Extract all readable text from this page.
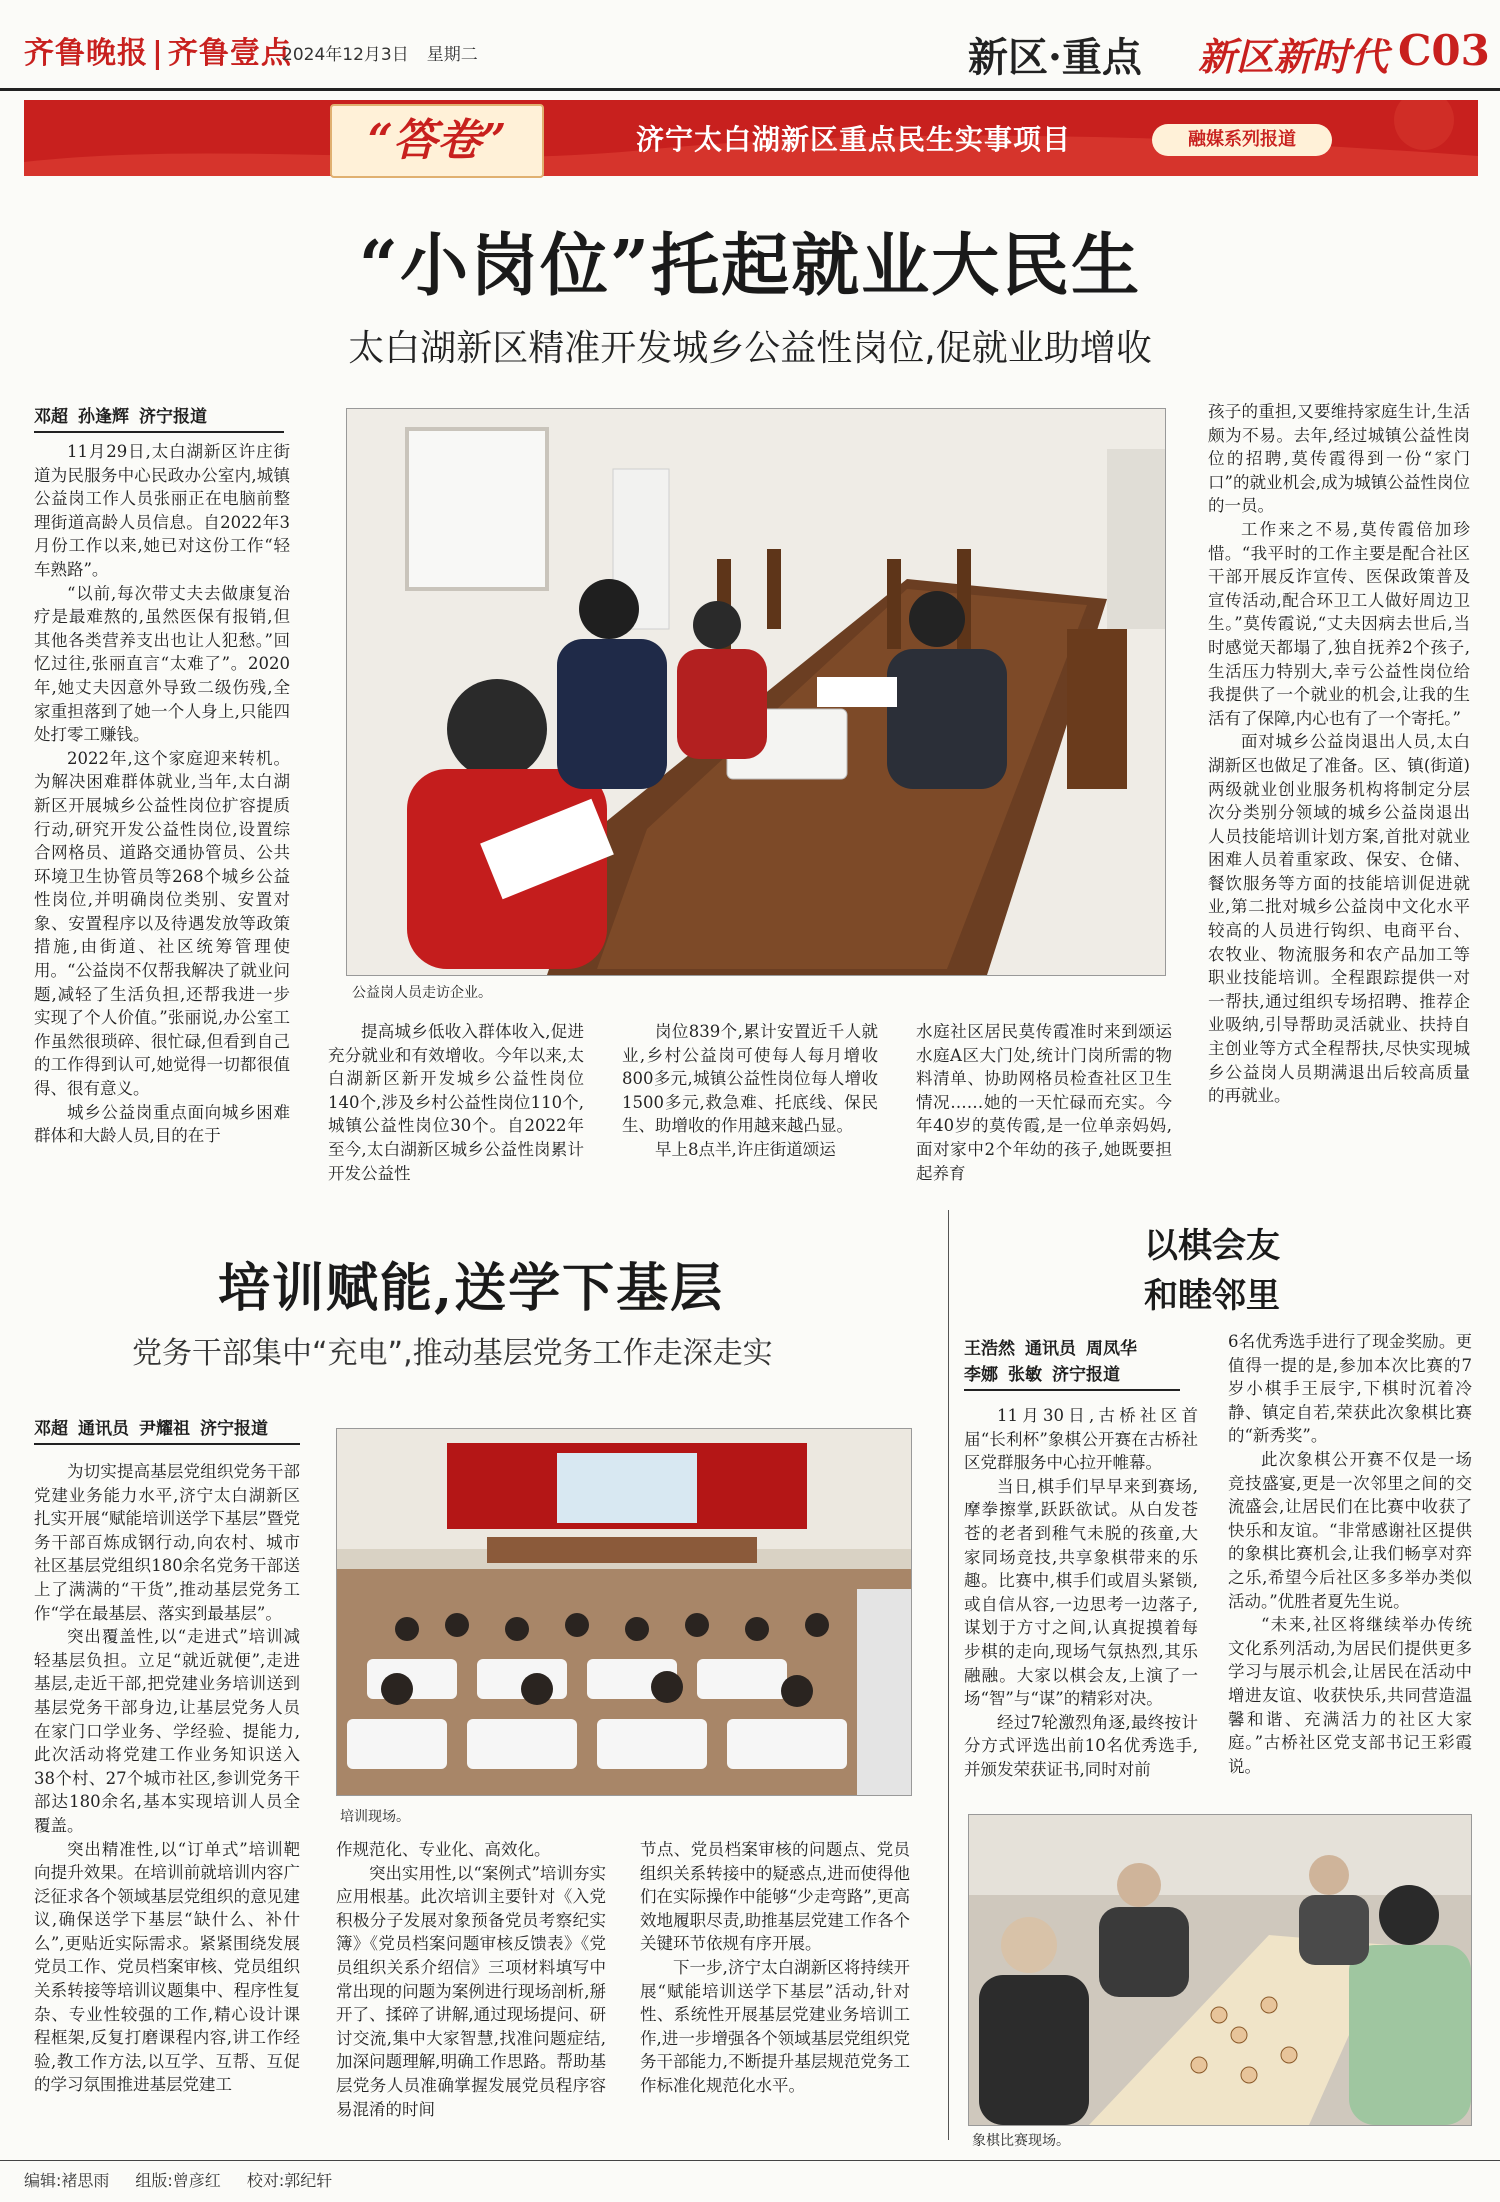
齐鲁晚报 | 齐鲁壹点
2024年12月3日 星期二	新区·重点 新区新时代 C03
“答卷”	济宁太白湖新区重点民生实事项目	融媒系列报道
“小岗位”托起就业大民生
太白湖新区精准开发城乡公益性岗位,促就业助增收
邓超 孙逢辉 济宁报道

11月29日,太白湖新区许庄街道为民服务中心民政办公室内,城镇公益岗工作人员张丽正在电脑前整理街道高龄人员信息。自2022年3月份工作以来,她已对这份工作“轻车熟路”。

“以前,每次带丈夫去做康复治疗是最难熬的,虽然医保有报销,但其他各类营养支出也让人犯愁。”回忆过往,张丽直言“太难了”。2020年,她丈夫因意外导致二级伤残,全家重担落到了她一个人身上,只能四处打零工赚钱。

2022年,这个家庭迎来转机。为解决困难群体就业,当年,太白湖新区开展城乡公益性岗位扩容提质行动,研究开发公益性岗位,设置综合网格员、道路交通协管员、公共环境卫生协管员等268个城乡公益性岗位,并明确岗位类别、安置对象、安置程序以及待遇发放等政策措施,由街道、社区统筹管理使用。“公益岗不仅帮我解决了就业问题,减轻了生活负担,还帮我进一步实现了个人价值。”张丽说,办公室工作虽然很琐碎、很忙碌,但看到自己的工作得到认可,她觉得一切都很值得、很有意义。

城乡公益岗重点面向城乡困难群体和大龄人员,目的在于

公益岗人员走访企业。

提高城乡低收入群体收入,促进充分就业和有效增收。今年以来,太白湖新区新开发城乡公益性岗位140个,涉及乡村公益性岗位110个,城镇公益性岗位30个。自2022年至今,太白湖新区城乡公益性岗累计开发公益性

岗位839个,累计安置近千人就业,乡村公益岗可使每人每月增收800多元,城镇公益性岗位每人增收1500多元,救急难、托底线、保民生、助增收的作用越来越凸显。

早上8点半,许庄街道颂运

水庭社区居民莫传霞准时来到颂运水庭A区大门处,统计门岗所需的物料清单、协助网格员检查社区卫生情况……她的一天忙碌而充实。今年40岁的莫传霞,是一位单亲妈妈,面对家中2个年幼的孩子,她既要担起养育

孩子的重担,又要维持家庭生计,生活颇为不易。去年,经过城镇公益性岗位的招聘,莫传霞得到一份“家门口”的就业机会,成为城镇公益性岗位的一员。

工作来之不易,莫传霞倍加珍惜。“我平时的工作主要是配合社区干部开展反诈宣传、医保政策普及宣传活动,配合环卫工人做好周边卫生。”莫传霞说,“丈夫因病去世后,当时感觉天都塌了,独自抚养2个孩子,生活压力特别大,幸亏公益性岗位给我提供了一个就业的机会,让我的生活有了保障,内心也有了一个寄托。”

面对城乡公益岗退出人员,太白湖新区也做足了准备。区、镇(街道)两级就业创业服务机构将制定分层次分类别分领域的城乡公益岗退出人员技能培训计划方案,首批对就业困难人员着重家政、保安、仓储、餐饮服务等方面的技能培训促进就业,第二批对城乡公益岗中文化水平较高的人员进行钩织、电商平台、农牧业、物流服务和农产品加工等职业技能培训。全程跟踪提供一对一帮扶,通过组织专场招聘、推荐企业吸纳,引导帮助灵活就业、扶持自主创业等方式全程帮扶,尽快实现城乡公益岗人员期满退出后较高质量的再就业。

培训赋能,送学下基层
党务干部集中“充电”,推动基层党务工作走深走实
邓超 通讯员 尹耀祖 济宁报道

为切实提高基层党组织党务干部党建业务能力水平,济宁太白湖新区扎实开展“赋能培训送学下基层”暨党务干部百炼成钢行动,向农村、城市社区基层党组织180余名党务干部送上了满满的“干货”,推动基层党务工作“学在最基层、落实到最基层”。

突出覆盖性,以“走进式”培训减轻基层负担。立足“就近就便”,走进基层,走近干部,把党建业务培训送到基层党务干部身边,让基层党务人员在家门口学业务、学经验、提能力,此次活动将党建工作业务知识送入38个村、27个城市社区,参训党务干部达180余名,基本实现培训人员全覆盖。

突出精准性,以“订单式”培训靶向提升效果。在培训前就培训内容广泛征求各个领域基层党组织的意见建议,确保送学下基层“缺什么、补什么”,更贴近实际需求。紧紧围绕发展党员工作、党员档案审核、党员组织关系转接等培训议题集中、程序性复杂、专业性较强的工作,精心设计课程框架,反复打磨课程内容,讲工作经验,教工作方法,以互学、互帮、互促的学习氛围推进基层党建工

培训现场。

作规范化、专业化、高效化。

突出实用性,以“案例式”培训夯实应用根基。此次培训主要针对《入党积极分子发展对象预备党员考察纪实簿》《党员档案问题审核反馈表》《党员组织关系介绍信》三项材料填写中常出现的问题为案例进行现场剖析,掰开了、揉碎了讲解,通过现场提问、研讨交流,集中大家智慧,找准问题症结,加深问题理解,明确工作思路。帮助基层党务人员准确掌握发展党员程序容易混淆的时间

节点、党员档案审核的问题点、党员组织关系转接中的疑惑点,进而使得他们在实际操作中能够“少走弯路”,更高效地履职尽责,助推基层党建工作各个关键环节依规有序开展。

下一步,济宁太白湖新区将持续开展“赋能培训送学下基层”活动,针对性、系统性开展基层党建业务培训工作,进一步增强各个领域基层党组织党务干部能力,不断提升基层规范党务工作标准化规范化水平。

以棋会友
和睦邻里
王浩然 通讯员 周凤华
李娜 张敏 济宁报道

11月30日,古桥社区首届“长利杯”象棋公开赛在古桥社区党群服务中心拉开帷幕。

当日,棋手们早早来到赛场,摩拳擦掌,跃跃欲试。从白发苍苍的老者到稚气未脱的孩童,大家同场竞技,共享象棋带来的乐趣。比赛中,棋手们或眉头紧锁,或自信从容,一边思考一边落子,谋划于方寸之间,认真捉摸着每步棋的走向,现场气氛热烈,其乐融融。大家以棋会友,上演了一场“智”与“谋”的精彩对决。

经过7轮激烈角逐,最终按计分方式评选出前10名优秀选手,并颁发荣获证书,同时对前

6名优秀选手进行了现金奖励。更值得一提的是,参加本次比赛的7岁小棋手王辰宇,下棋时沉着冷静、镇定自若,荣获此次象棋比赛的“新秀奖”。

此次象棋公开赛不仅是一场竞技盛宴,更是一次邻里之间的交流盛会,让居民们在比赛中收获了快乐和友谊。“非常感谢社区提供的象棋比赛机会,让我们畅享对弈之乐,希望今后社区多多举办类似活动。”优胜者夏先生说。

“未来,社区将继续举办传统文化系列活动,为居民们提供更多学习与展示机会,让居民在活动中增进友谊、收获快乐,共同营造温馨和谐、充满活力的社区大家庭。”古桥社区党支部书记王彩霞说。

象棋比赛现场。
编辑:褚思雨 组版:曾彦红 校对:郭纪轩
